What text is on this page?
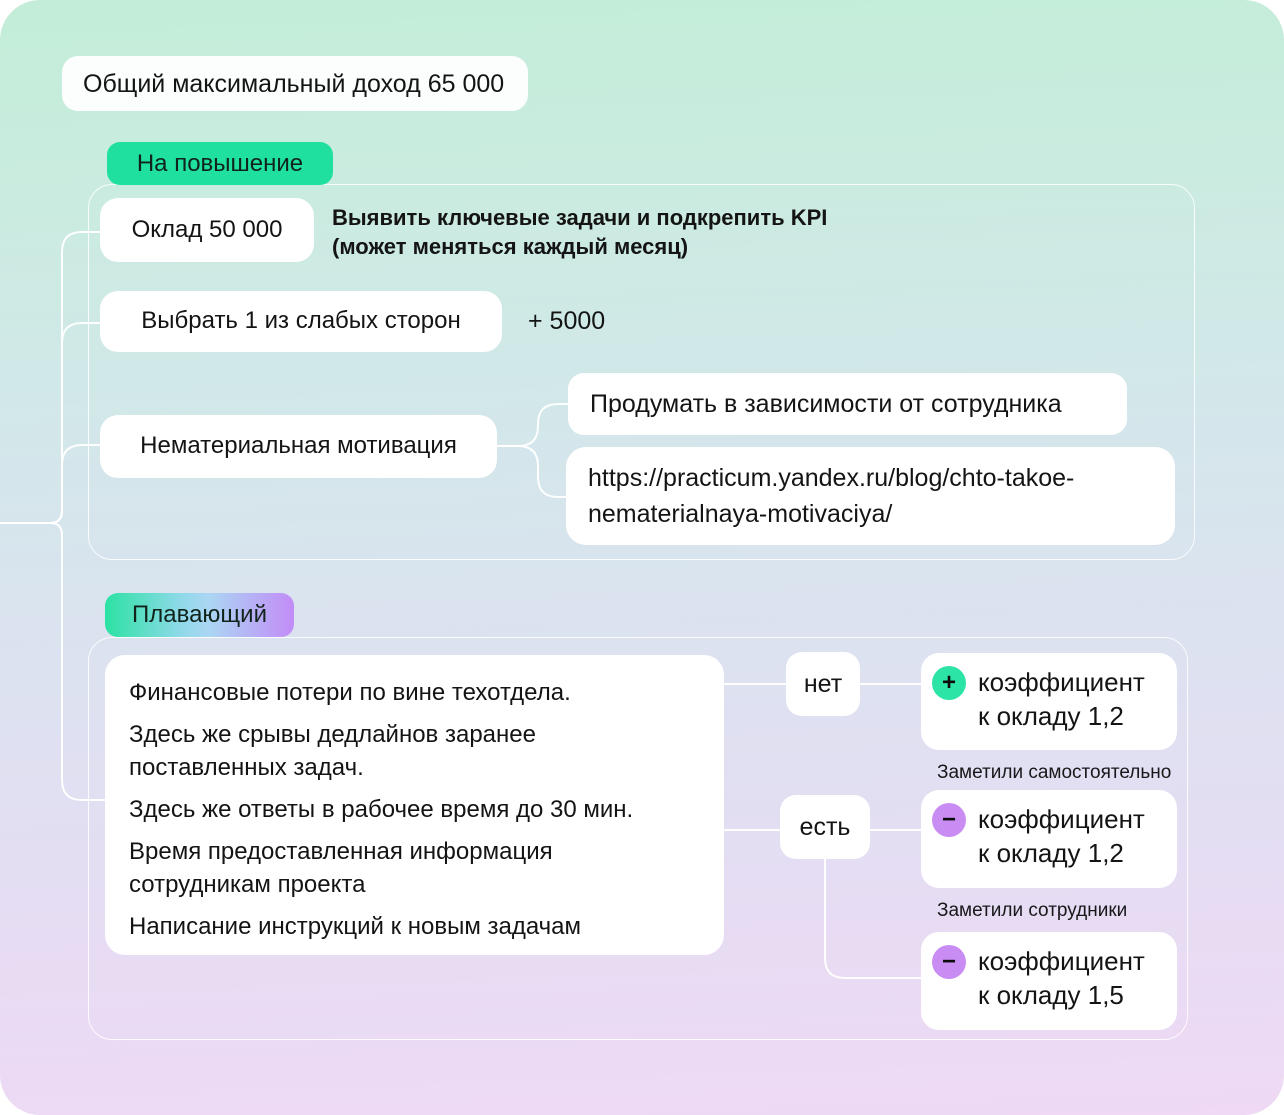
Общий максимальный доход 65 000
На повышение
Оклад 50 000 Выявить ключевые задачи и подкрепить KPI
(может меняться каждый месяц)
Выбрать 1 из слабых сторон	+ 5000
Нематериальная мотивация
Продумать в зависимости от сотрудника
https://practicum.yandex.ru/blog/chto-takoe-
nematerialnaya-motivaciya/
Плавающий
Финансовые потери по вине техотдела.
Здесь же срывы дедлайнов заранее
поставленных задач.
Здесь же ответы в рабочее время до 30 мин.
Время предоставленная информация
сотрудникам проекта
Написание инструкций к новым задачам
нет
есть
+ коэффициент
к окладу 1,2
Заметили самостоятельно
− коэффициент
к окладу 1,2
Заметили сотрудники
− коэффициент
к окладу 1,5
